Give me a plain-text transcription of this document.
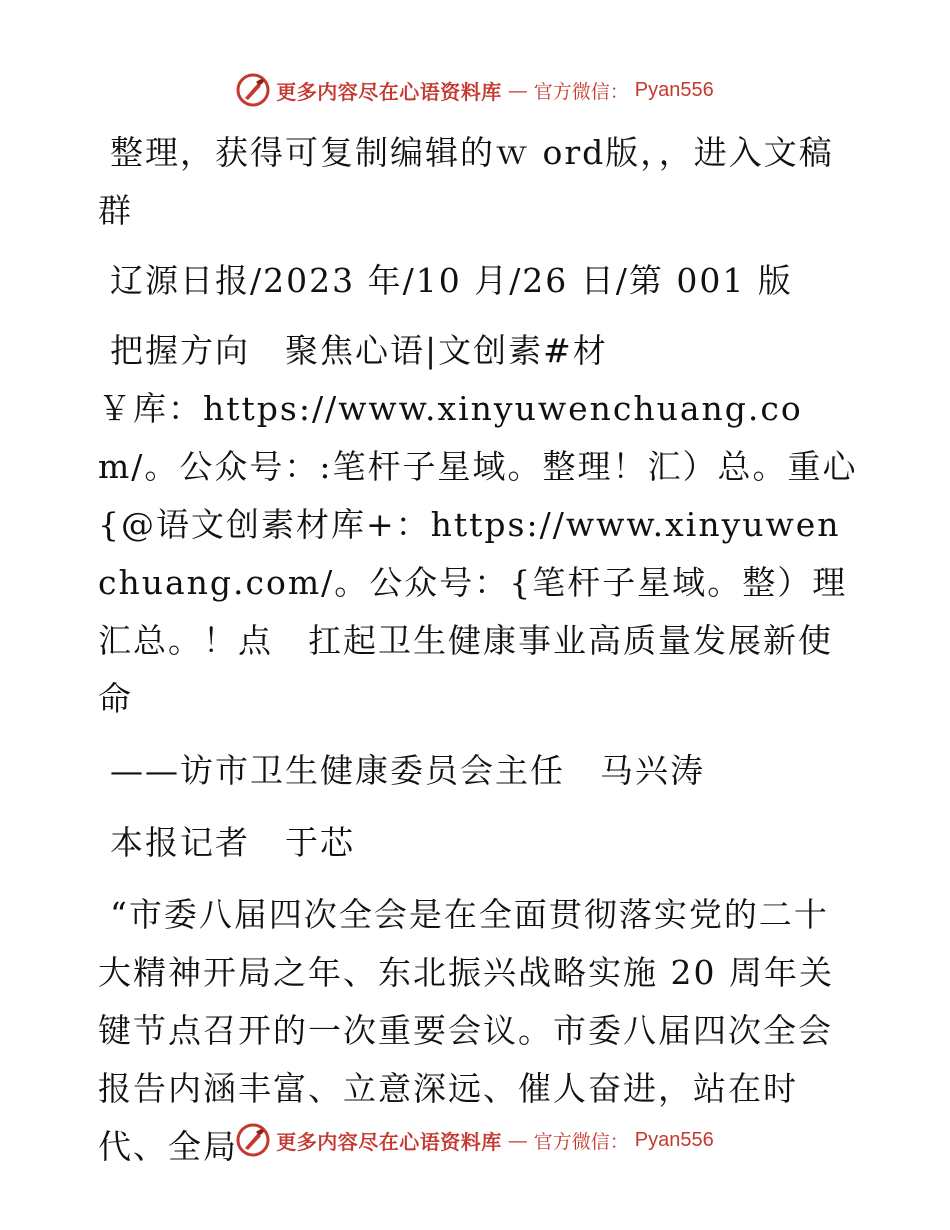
更多内容尽在心语资料库 — 官方微信： Pyan556

整理，获得可复制编辑的ｗ ord版，，进入文稿群

辽源日报/2023 年/10 月/26 日/第 001 版

把握方向　聚焦心语|文创素#材

￥库：https://www.xinyuwenchuang.com/。公众号：:笔杆子星域。整理！汇）总。重心{@语文创素材库+：https://www.xinyuwenchuang.com/。公众号：{笔杆子星域。整）理汇总。！点　扛起卫生健康事业高质量发展新使命

——访市卫生健康委员会主任　马兴涛

本报记者　于芯

“市委八届四次全会是在全面贯彻落实党的二十大精神开局之年、东北振兴战略实施 20 周年关键节点召开的一次重要会议。市委八届四次全会报告内涵丰富、立意深远、催人奋进，站在时代、全局	更多内容尽在心语资料库 — 官方微信： Pyan556
